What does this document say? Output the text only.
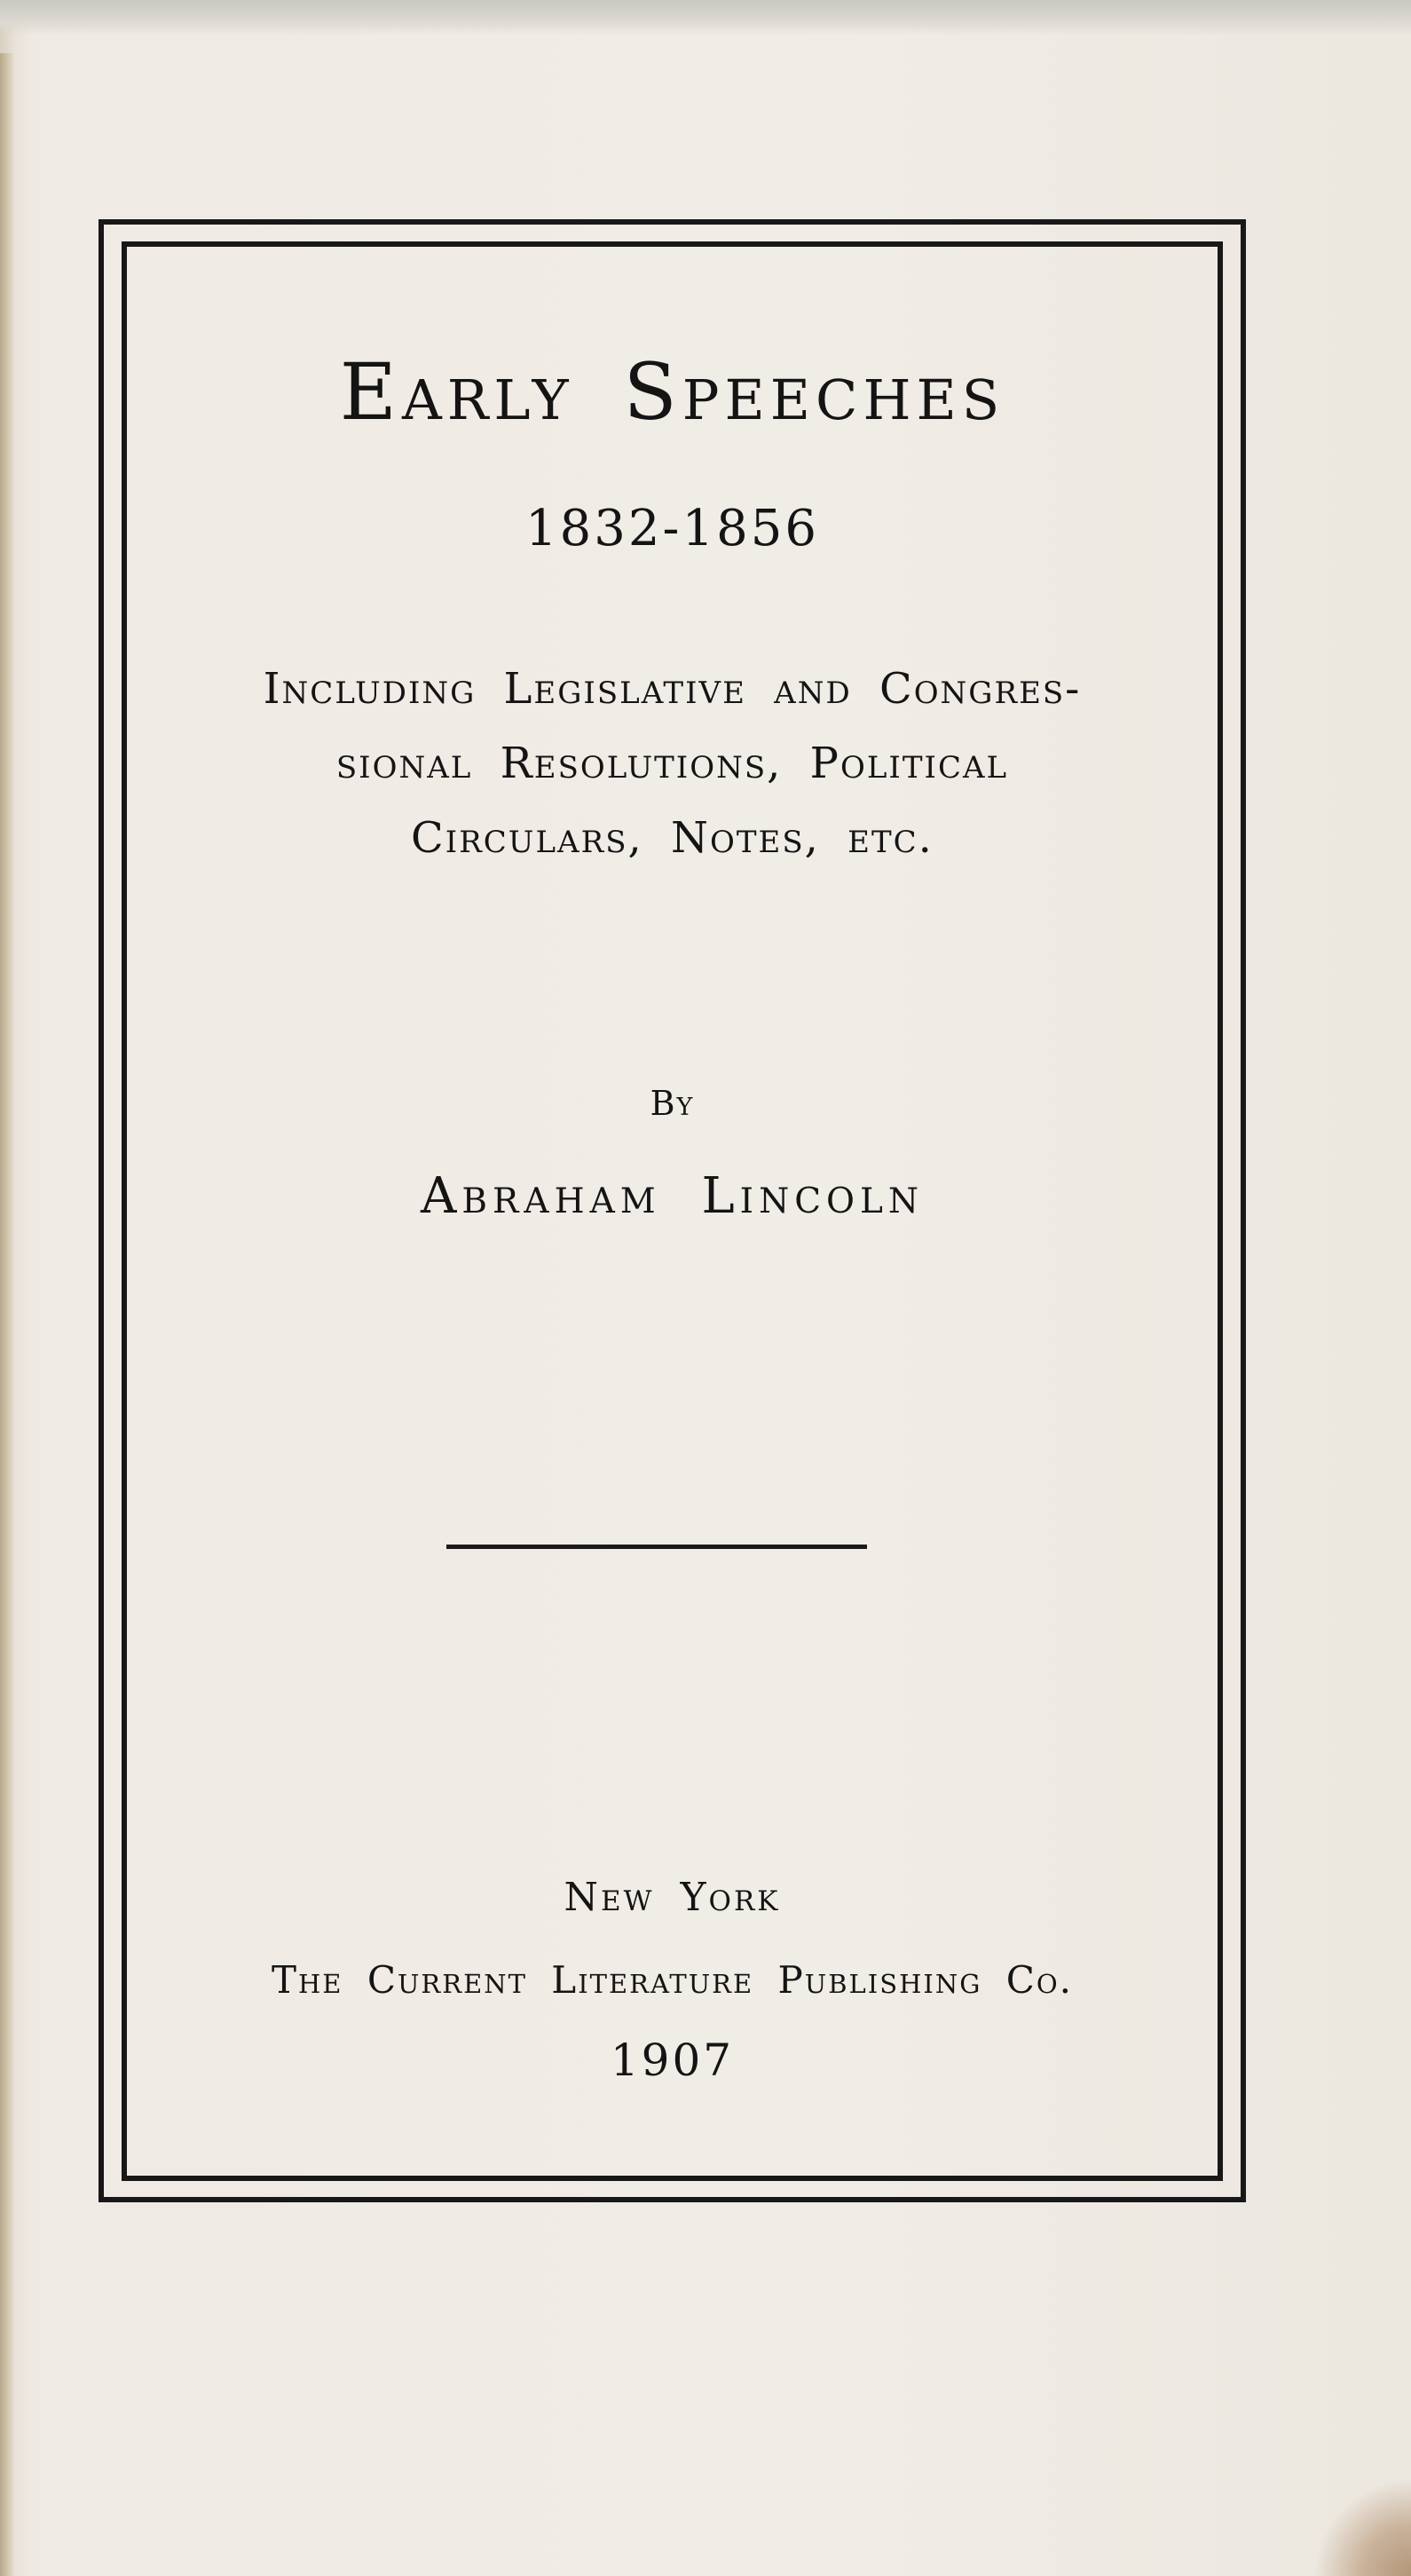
Early Speeches
1832-1856
Including Legislative and Congres-
sional Resolutions, Political
Circulars, Notes, etc.
By
Abraham Lincoln
New York
The Current Literature Publishing Co.
1907
